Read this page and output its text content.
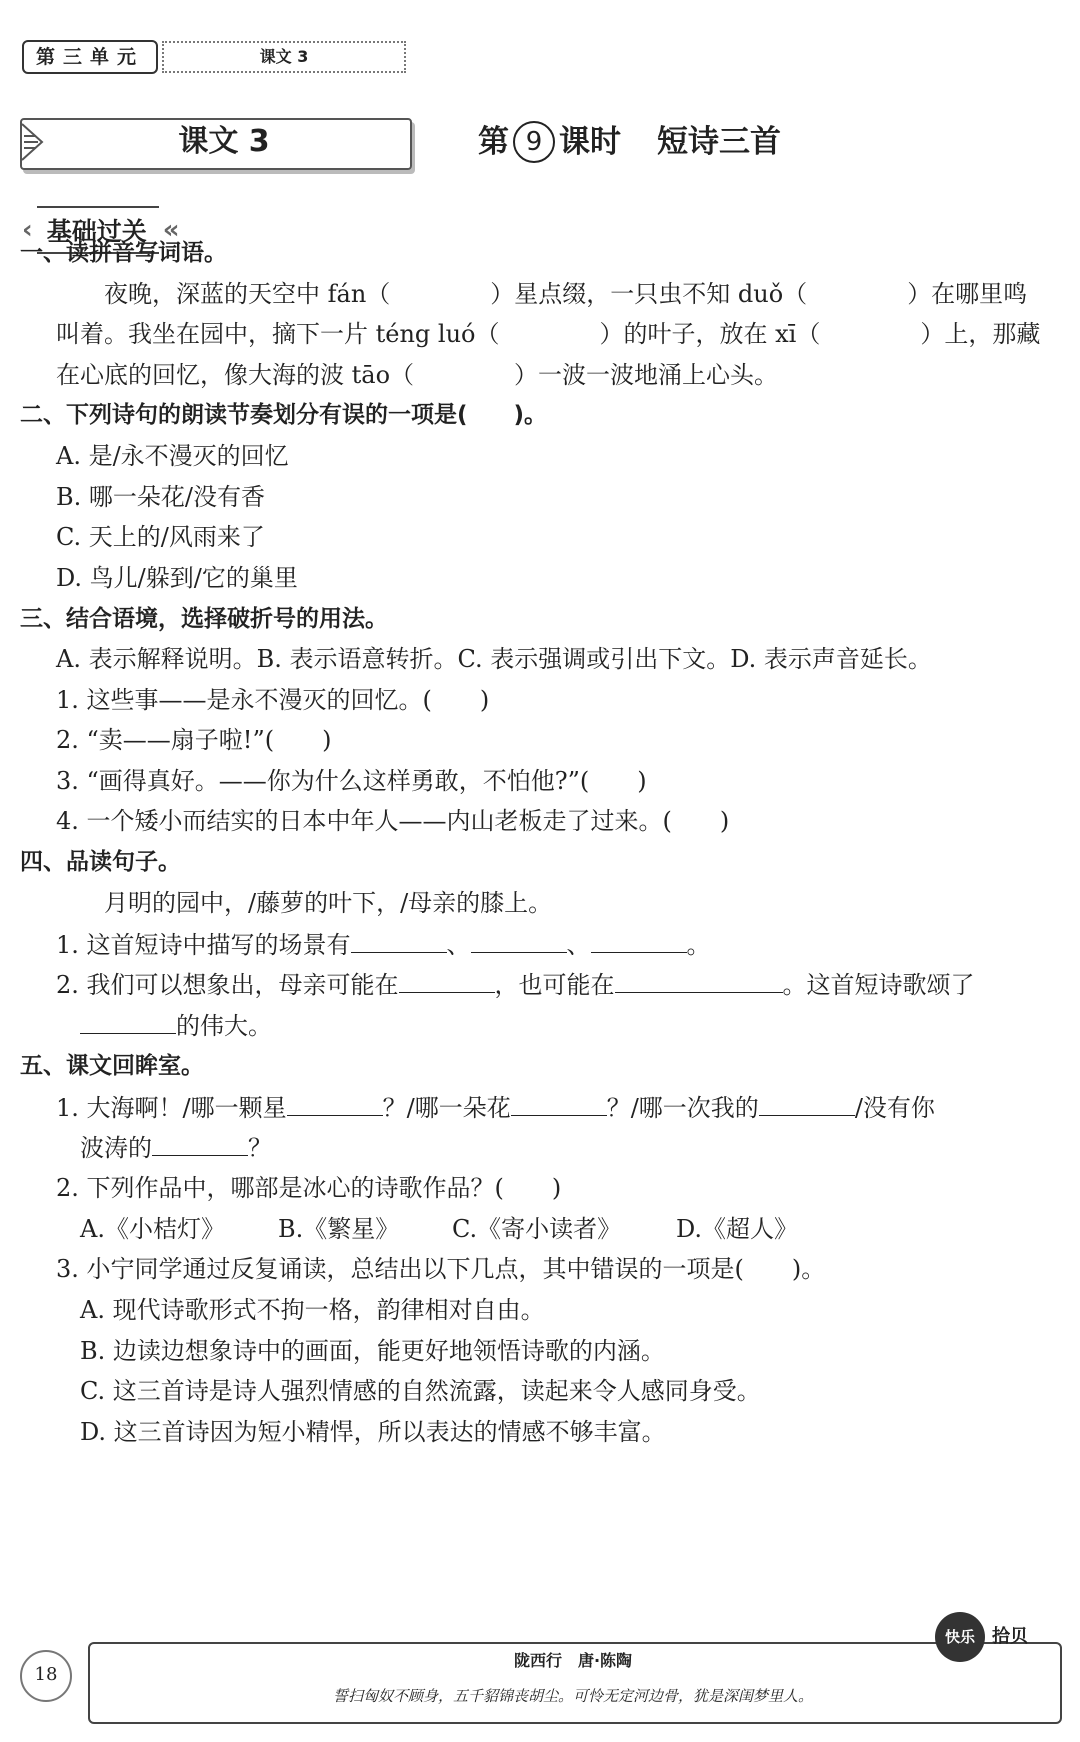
第三单元	课文 3
课文 3	第 9 课时 短诗三首
‹ 基础过关 «
一、读拼音写词语。
夜晚，深蓝的天空中 fán（	）星点缀，一只虫不知 duǒ（	）在哪里鸣
叫着。我坐在园中，摘下一片 téng luó（	）的叶子，放在 xī（	）上，那藏
在心底的回忆，像大海的波 tāo（	）一波一波地涌上心头。
二、下列诗句的朗读节奏划分有误的一项是(　　)。
A. 是/永不漫灭的回忆
B. 哪一朵花/没有香
C. 天上的/风雨来了
D. 鸟儿/躲到/它的巢里
三、结合语境，选择破折号的用法。
A. 表示解释说明。B. 表示语意转折。C. 表示强调或引出下文。D. 表示声音延长。
1. 这些事——是永不漫灭的回忆。(　　)
2. “卖——扇子啦!”(　　)
3. “画得真好。——你为什么这样勇敢，不怕他?”(　　)
4. 一个矮小而结实的日本中年人——内山老板走了过来。(　　)
四、品读句子。
月明的园中，/藤萝的叶下，/母亲的膝上。
1. 这首短诗中描写的场景有	、	、	。
2. 我们可以想象出，母亲可能在	，也可能在	。这首短诗歌颂了
的伟大。
五、课文回眸室。
1. 大海啊！/哪一颗星	？/哪一朵花	？/哪一次我的	/没有你
波涛的	？
2. 下列作品中，哪部是冰心的诗歌作品？(　　)
A.《小桔灯》 B.《繁星》 C.《寄小读者》 D.《超人》
3. 小宁同学通过反复诵读，总结出以下几点，其中错误的一项是(　　)。
A. 现代诗歌形式不拘一格，韵律相对自由。
B. 边读边想象诗中的画面，能更好地领悟诗歌的内涵。
C. 这三首诗是诗人强烈情感的自然流露，读起来令人感同身受。
D. 这三首诗因为短小精悍，所以表达的情感不够丰富。
18
陇西行　唐·陈陶
誓扫匈奴不顾身，五千貂锦丧胡尘。可怜无定河边骨，犹是深闺梦里人。
快乐 拾贝
